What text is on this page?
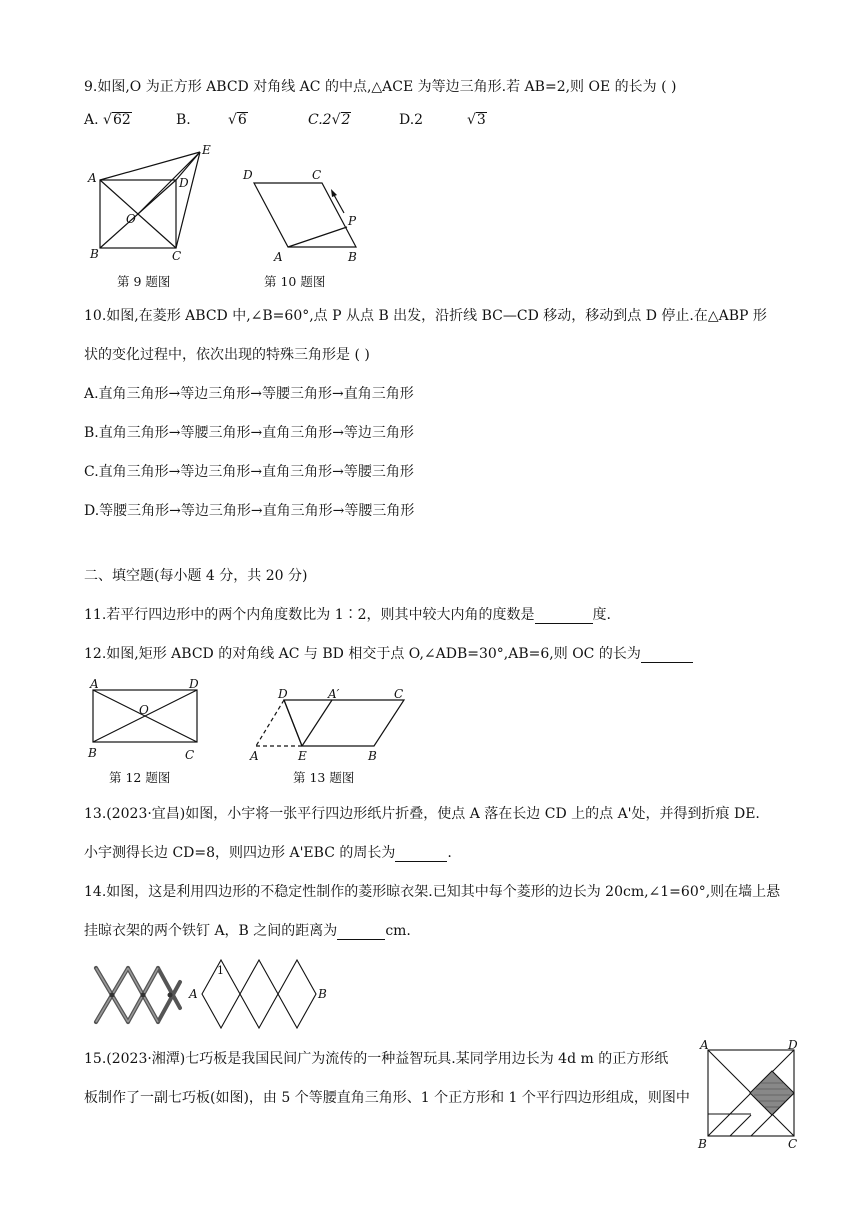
9.如图,O 为正方形 ABCD 对角线 AC 的中点,△ACE 为等边三角形.若 AB=2,则 OE 的长为 ( )
A. √62	B.	√6	C.2√2	D.2	√3
A	D
E
O
B	C
第 9 题图
D	C
P
A	B
第 10 题图
10.如图,在菱形 ABCD 中,∠B=60°,点 P 从点 B 出发，沿折线 BC—CD 移动，移动到点 D 停止.在△ABP 形
状的变化过程中，依次出现的特殊三角形是 ( )
A.直角三角形→等边三角形→等腰三角形→直角三角形
B.直角三角形→等腰三角形→直角三角形→等边三角形
C.直角三角形→等边三角形→直角三角形→等腰三角形
D.等腰三角形→等边三角形→直角三角形→等腰三角形
二、填空题(每小题 4 分，共 20 分)
11.若平行四边形中的两个内角度数比为 1∶2，则其中较大内角的度数是	度.
12.如图,矩形 ABCD 的对角线 AC 与 BD 相交于点 O,∠ADB=30°,AB=6,则 OC 的长为
A	D
O
B	C
第 12 题图
D	A′	C
A	E	B
第 13 题图
13.(2023·宜昌)如图，小宇将一张平行四边形纸片折叠，使点 A 落在长边 CD 上的点 A'处，并得到折痕 DE.
小宇测得长边 CD=8，则四边形 A'EBC 的周长为	.
14.如图，这是利用四边形的不稳定性制作的菱形晾衣架.已知其中每个菱形的边长为 20cm,∠1=60°,则在墙上悬
挂晾衣架的两个铁钉 A，B 之间的距离为	cm.
A	B
1
15.(2023·湘潭)七巧板是我国民间广为流传的一种益智玩具.某同学用边长为 4d m 的正方形纸
板制作了一副七巧板(如图)，由 5 个等腰直角三角形、1 个正方形和 1 个平行四边形组成，则图中
A	D
B	C
